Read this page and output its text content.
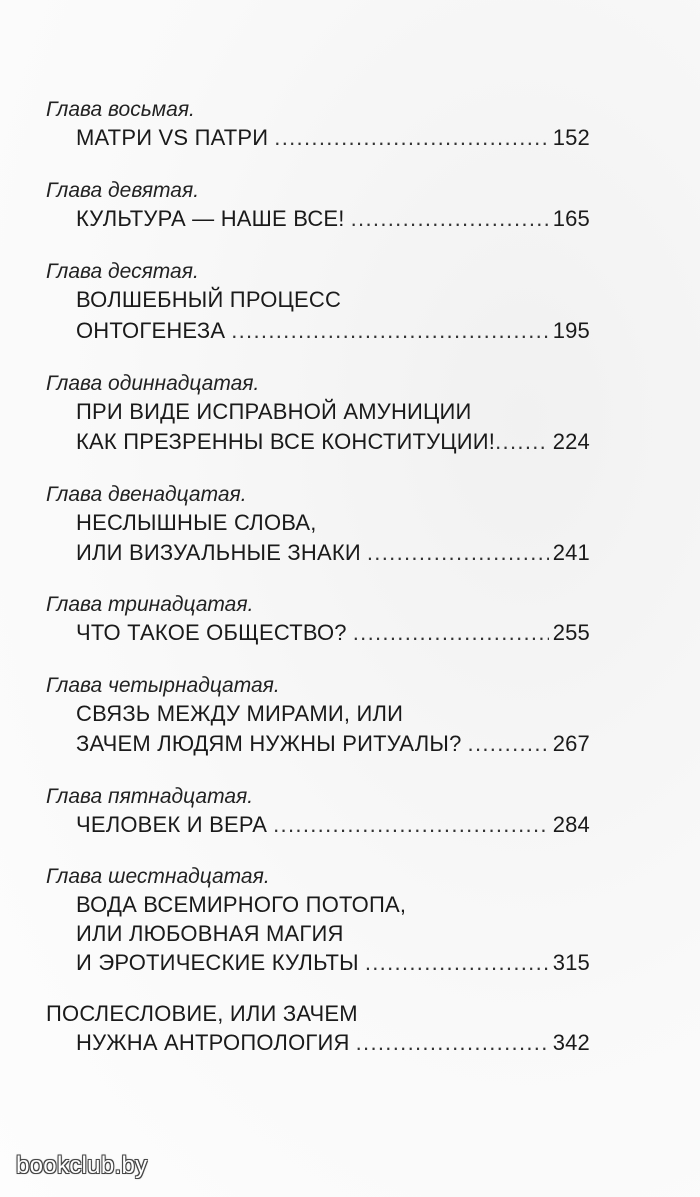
Глава восьмая.
МАТРИ VS ПАТРИ . . .	152
Глава девятая.
КУЛЬТУРА — НАШЕ ВСЕ! . . .	165
Глава десятая.
ВОЛШЕБНЫЙ ПРОЦЕСС
ОНТОГЕНЕЗА . . .	195
Глава одиннадцатая.
ПРИ ВИДЕ ИСПРАВНОЙ АМУНИЦИИ
КАК ПРЕЗРЕННЫ ВСЕ КОНСТИТУЦИИ! . . .	224
Глава двенадцатая.
НЕСЛЫШНЫЕ СЛОВА,
ИЛИ ВИЗУАЛЬНЫЕ ЗНАКИ . . .	241
Глава тринадцатая.
ЧТО ТАКОЕ ОБЩЕСТВО? . . .	255
Глава четырнадцатая.
СВЯЗЬ МЕЖДУ МИРАМИ, ИЛИ
ЗАЧЕМ ЛЮДЯМ НУЖНЫ РИТУАЛЫ? . . .	267
Глава пятнадцатая.
ЧЕЛОВЕК И ВЕРА . . .	284
Глава шестнадцатая.
ВОДА ВСЕМИРНОГО ПОТОПА,
ИЛИ ЛЮБОВНАЯ МАГИЯ
И ЭРОТИЧЕСКИЕ КУЛЬТЫ . . .	315
ПОСЛЕСЛОВИЕ, ИЛИ ЗАЧЕМ
НУЖНА АНТРОПОЛОГИЯ . . .	342
bookclub.by
